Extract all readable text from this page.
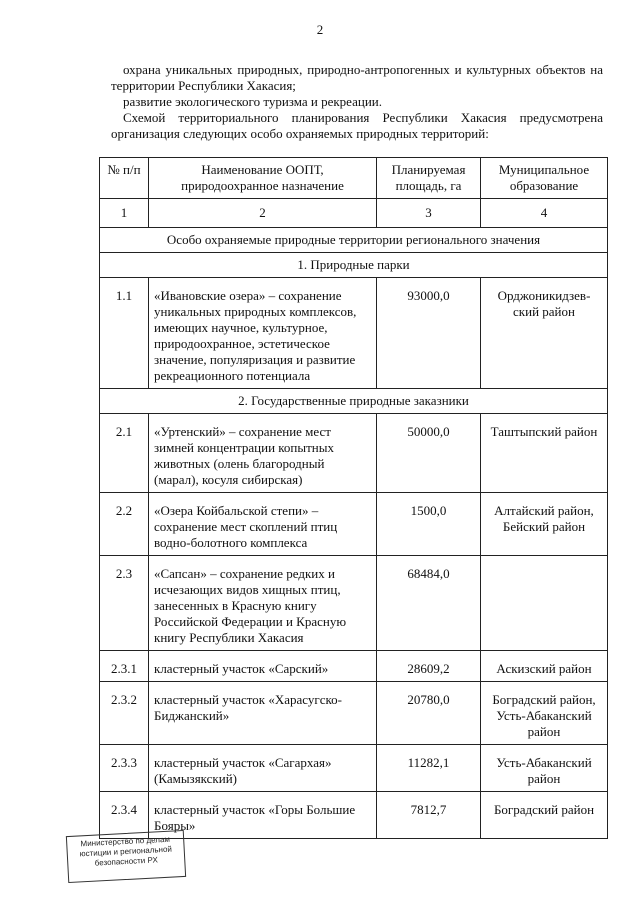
2

охрана уникальных природных, природно-антропогенных и культурных объектов на территории Республики Хакасия;

развитие экологического туризма и рекреации.

Схемой территориального планирования Республики Хакасия предусмотрена организация следующих особо охраняемых природных территорий:

№ п/п	Наименование ООПТ, природоохранное назначение	Планируемая площадь, га	Муниципальное образование
1	2	3	4
Особо охраняемые природные территории регионального значения			
1. Природные парки			
1.1	«Ивановские озера» – сохранение уникальных природных комплексов, имеющих научное, культурное, природоохранное, эстетическое значение, популяризация и развитие рекреационного потенциала	93000,0	Орджоникидзев-ский район
2. Государственные природные заказники			
2.1	«Уртенский» – сохранение мест зимней концентрации копытных животных (олень благородный (марал), косуля сибирская)	50000,0	Таштыпский район
2.2	«Озера Койбальской степи» – сохранение мест скоплений птиц водно-болотного комплекса	1500,0	Алтайский район, Бейский район
2.3	«Сапсан» – сохранение редких и исчезающих видов хищных птиц, занесенных в Красную книгу Российской Федерации и Красную книгу Республики Хакасия	68484,0	
2.3.1	кластерный участок «Сарский»	28609,2	Аскизский район
2.3.2	кластерный участок «Харасугско-Биджанский»	20780,0	Боградский район, Усть-Абаканский район
2.3.3	кластерный участок «Сагархая» (Камызякский)	11282,1	Усть-Абаканский район
2.3.4	кластерный участок «Горы Большие Бояры»	7812,7	Боградский район
Министерство по делам
юстиции и региональной
безопасности РХ
